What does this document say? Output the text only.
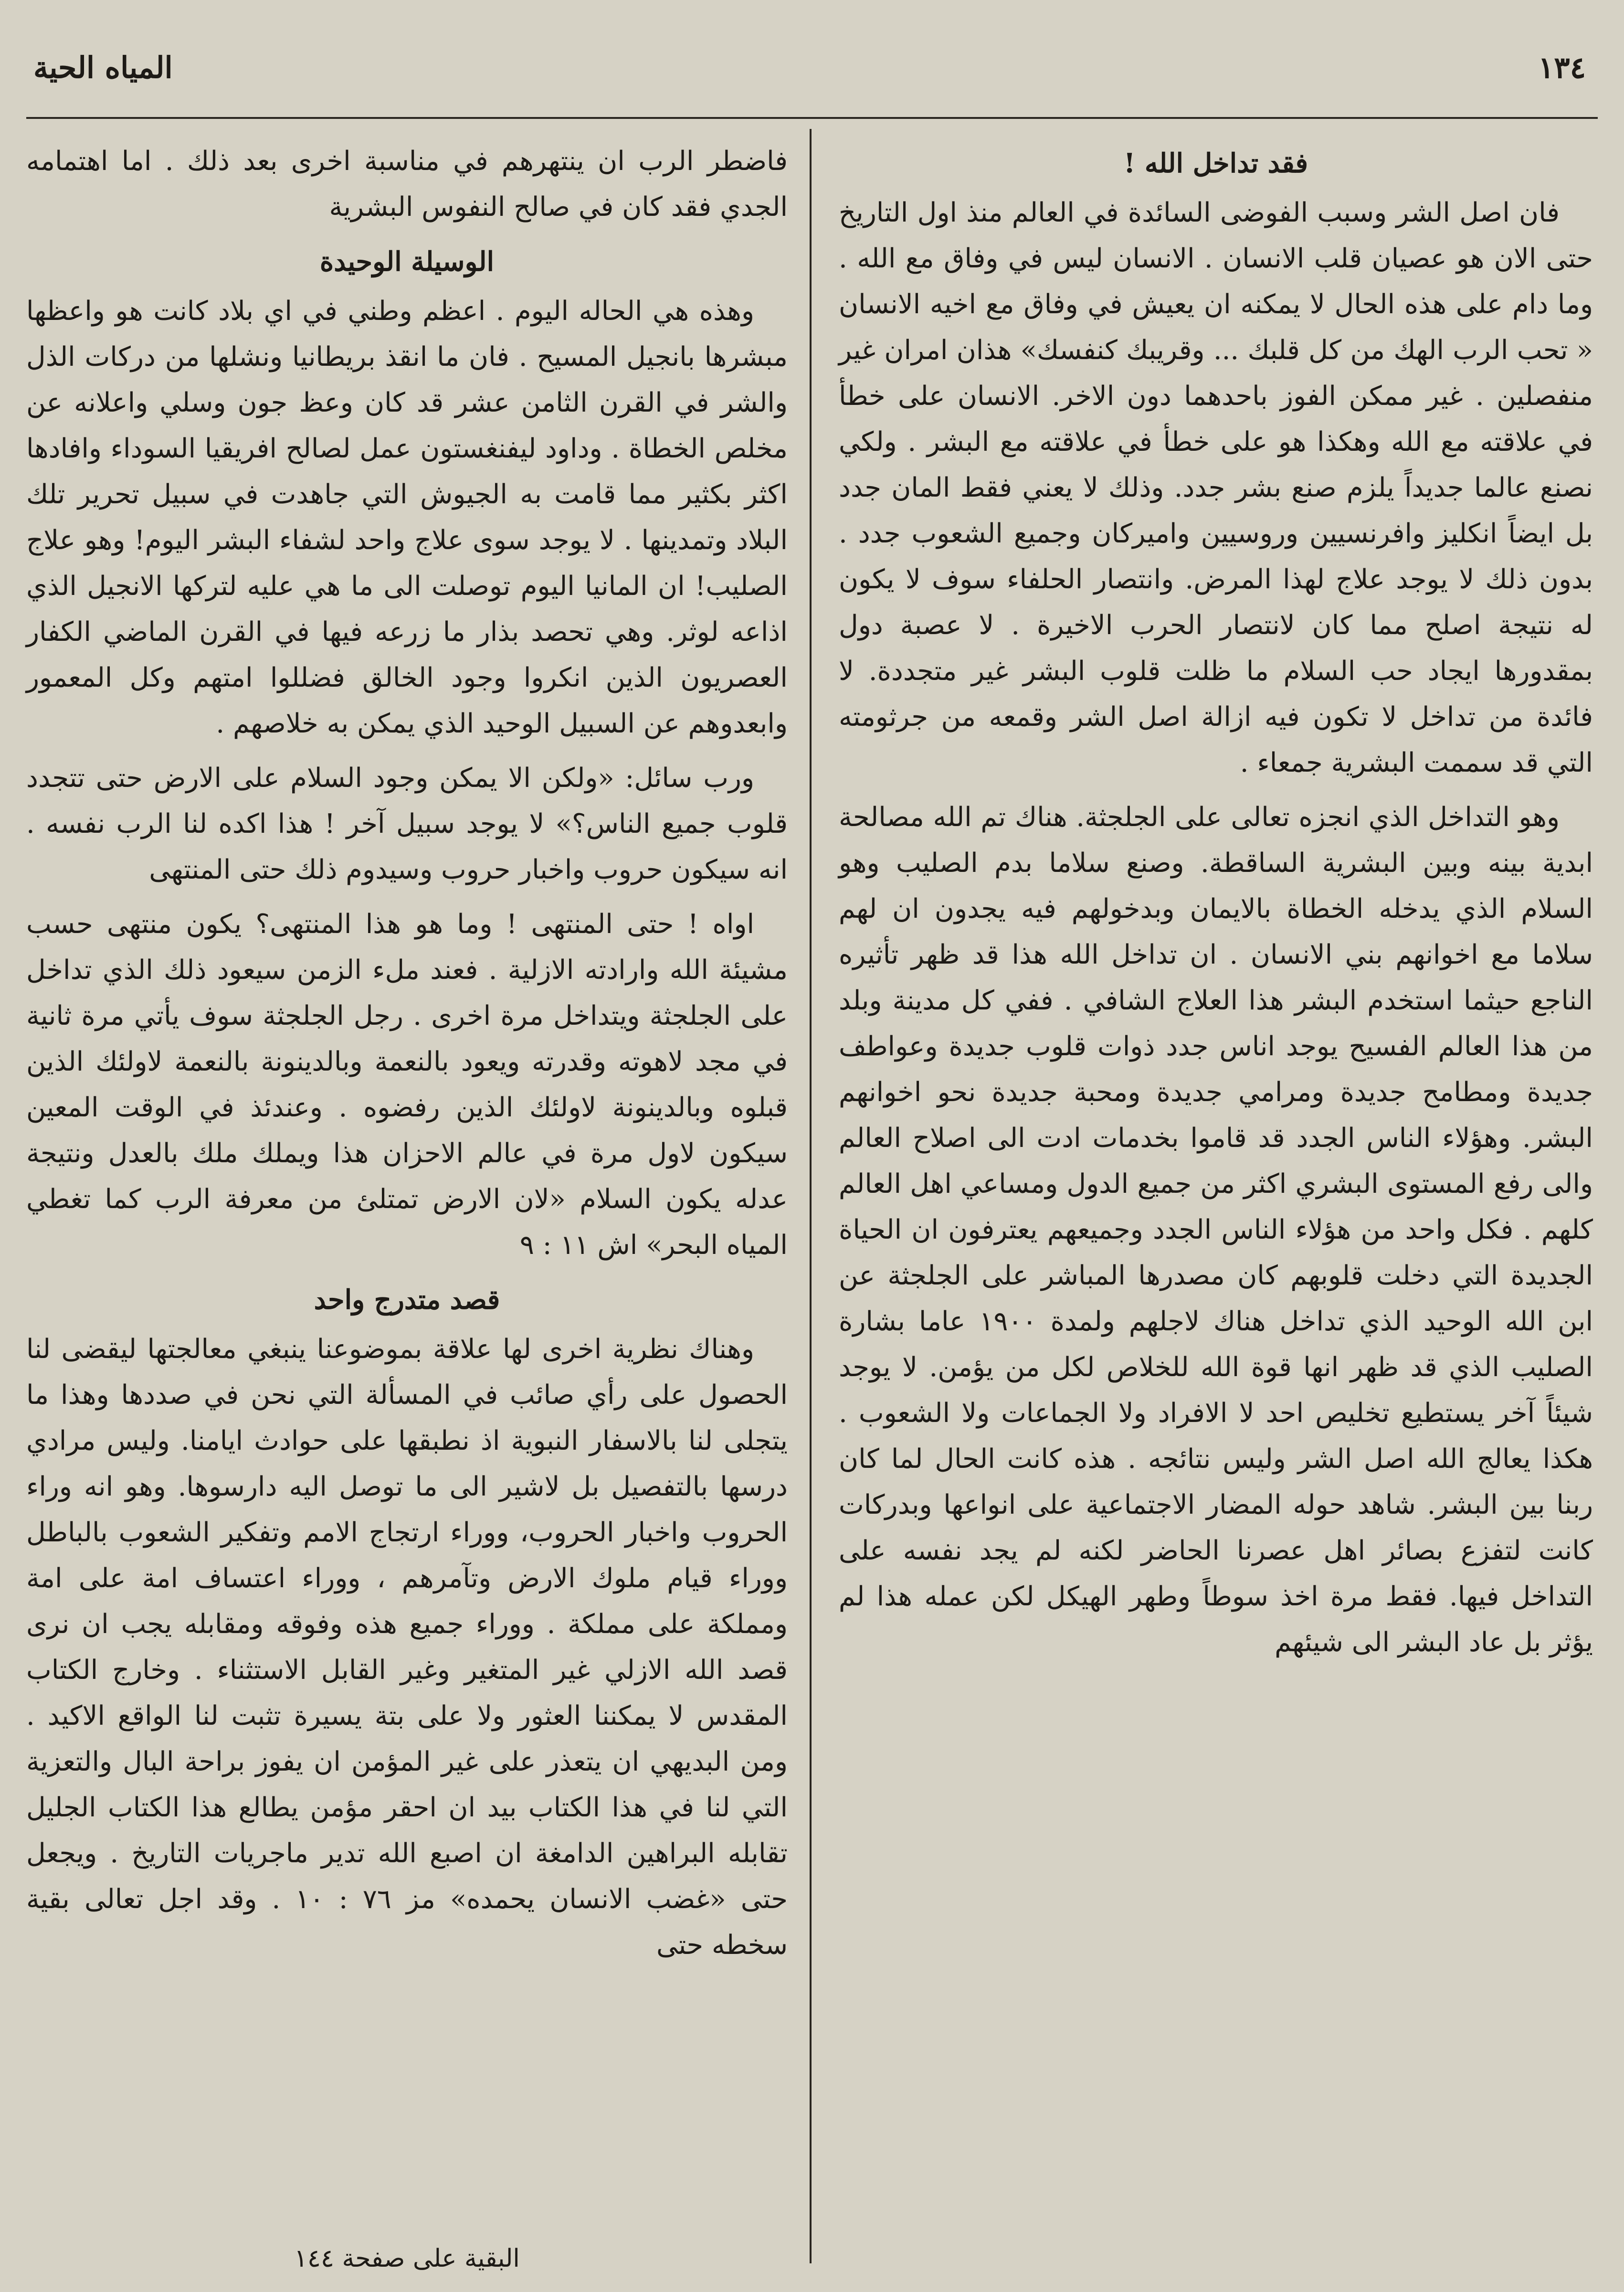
١٣٤
المياه الحية

فقد تداخل الله !

فان اصل الشر وسبب الفوضى السائدة في العالم منذ اول التاريخ حتى الان هو عصيان قلب الانسان . الانسان ليس في وفاق مع الله . وما دام على هذه الحال لا يمكنه ان يعيش في وفاق مع اخيه الانسان « تحب الرب الهك من كل قلبك ... وقريبك كنفسك» هذان امران غير منفصلين . غير ممكن الفوز باحدهما دون الاخر. الانسان على خطأ في علاقته مع الله وهكذا هو على خطأ في علاقته مع البشر . ولكي نصنع عالما جديداً يلزم صنع بشر جدد. وذلك لا يعني فقط المان جدد بل ايضاً انكليز وافرنسيين وروسيين واميركان وجميع الشعوب جدد . بدون ذلك لا يوجد علاج لهذا المرض. وانتصار الحلفاء سوف لا يكون له نتيجة اصلح مما كان لانتصار الحرب الاخيرة . لا عصبة دول بمقدورها ايجاد حب السلام ما ظلت قلوب البشر غير متجددة. لا فائدة من تداخل لا تكون فيه ازالة اصل الشر وقمعه من جرثومته التي قد سممت البشرية جمعاء .

وهو التداخل الذي انجزه تعالى على الجلجثة. هناك تم الله مصالحة ابدية بينه وبين البشرية الساقطة. وصنع سلاما بدم الصليب وهو السلام الذي يدخله الخطاة بالايمان وبدخولهم فيه يجدون ان لهم سلاما مع اخوانهم بني الانسان . ان تداخل الله هذا قد ظهر تأثيره الناجع حيثما استخدم البشر هذا العلاج الشافي . ففي كل مدينة وبلد من هذا العالم الفسيح يوجد اناس جدد ذوات قلوب جديدة وعواطف جديدة ومطامح جديدة ومرامي جديدة ومحبة جديدة نحو اخوانهم البشر. وهؤلاء الناس الجدد قد قاموا بخدمات ادت الى اصلاح العالم والى رفع المستوى البشري اكثر من جميع الدول ومساعي اهل العالم كلهم . فكل واحد من هؤلاء الناس الجدد وجميعهم يعترفون ان الحياة الجديدة التي دخلت قلوبهم كان مصدرها المباشر على الجلجثة عن ابن الله الوحيد الذي تداخل هناك لاجلهم ولمدة ١٩٠٠ عاما بشارة الصليب الذي قد ظهر انها قوة الله للخلاص لكل من يؤمن. لا يوجد شيئاً آخر يستطيع تخليص احد لا الافراد ولا الجماعات ولا الشعوب . هكذا يعالج الله اصل الشر وليس نتائجه . هذه كانت الحال لما كان ربنا بين البشر. شاهد حوله المضار الاجتماعية على انواعها وبدركات كانت لتفزع بصائر اهل عصرنا الحاضر لكنه لم يجد نفسه على التداخل فيها. فقط مرة اخذ سوطاً وطهر الهيكل لكن عمله هذا لم يؤثر بل عاد البشر الى شيئهم

فاضطر الرب ان ينتهرهم في مناسبة اخرى بعد ذلك . اما اهتمامه الجدي فقد كان في صالح النفوس البشرية

الوسيلة الوحيدة

وهذه هي الحاله اليوم . اعظم وطني في اي بلاد كانت هو واعظها مبشرها بانجيل المسيح . فان ما انقذ بريطانيا ونشلها من دركات الذل والشر في القرن الثامن عشر قد كان وعظ جون وسلي واعلانه عن مخلص الخطاة . وداود ليفنغستون عمل لصالح افريقيا السوداء وافادها اكثر بكثير مما قامت به الجيوش التي جاهدت في سبيل تحرير تلك البلاد وتمدينها . لا يوجد سوى علاج واحد لشفاء البشر اليوم! وهو علاج الصليب! ان المانيا اليوم توصلت الى ما هي عليه لتركها الانجيل الذي اذاعه لوثر. وهي تحصد بذار ما زرعه فيها في القرن الماضي الكفار العصريون الذين انكروا وجود الخالق فضللوا امتهم وكل المعمور وابعدوهم عن السبيل الوحيد الذي يمكن به خلاصهم .

ورب سائل: «ولكن الا يمكن وجود السلام على الارض حتى تتجدد قلوب جميع الناس؟» لا يوجد سبيل آخر ! هذا اكده لنا الرب نفسه . انه سيكون حروب واخبار حروب وسيدوم ذلك حتى المنتهى

اواه ! حتى المنتهى ! وما هو هذا المنتهى؟ يكون منتهى حسب مشيئة الله وارادته الازلية . فعند ملء الزمن سيعود ذلك الذي تداخل على الجلجثة ويتداخل مرة اخرى . رجل الجلجثة سوف يأتي مرة ثانية في مجد لاهوته وقدرته ويعود بالنعمة وبالدينونة بالنعمة لاولئك الذين قبلوه وبالدينونة لاولئك الذين رفضوه . وعندئذ في الوقت المعين سيكون لاول مرة في عالم الاحزان هذا ويملك ملك بالعدل ونتيجة عدله يكون السلام «لان الارض تمتلئ من معرفة الرب كما تغطي المياه البحر» اش ١١ : ٩

قصد متدرج واحد

وهناك نظرية اخرى لها علاقة بموضوعنا ينبغي معالجتها ليقضى لنا الحصول على رأي صائب في المسألة التي نحن في صددها وهذا ما يتجلى لنا بالاسفار النبوية اذ نطبقها على حوادث ايامنا. وليس مرادي درسها بالتفصيل بل لاشير الى ما توصل اليه دارسوها. وهو انه وراء الحروب واخبار الحروب، ووراء ارتجاج الامم وتفكير الشعوب بالباطل ووراء قيام ملوك الارض وتآمرهم ، ووراء اعتساف امة على امة ومملكة على مملكة . ووراء جميع هذه وفوقه ومقابله يجب ان نرى قصد الله الازلي غير المتغير وغير القابل الاستثناء . وخارج الكتاب المقدس لا يمكننا العثور ولا على بتة يسيرة تثبت لنا الواقع الاكيد . ومن البديهي ان يتعذر على غير المؤمن ان يفوز براحة البال والتعزية التي لنا في هذا الكتاب بيد ان احقر مؤمن يطالع هذا الكتاب الجليل تقابله البراهين الدامغة ان اصبع الله تدير ماجريات التاريخ . ويجعل حتى «غضب الانسان يحمده» مز ٧٦ : ١٠ . وقد اجل تعالى بقية سخطه حتى

البقية على صفحة ١٤٤
